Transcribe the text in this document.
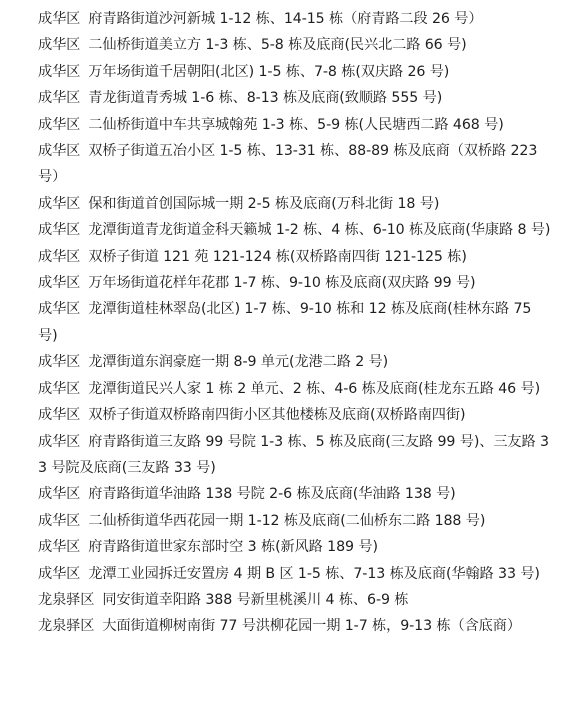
成华区 府青路街道沙河新城 1-12 栋、14-15 栋（府青路二段 26 号）
成华区 二仙桥街道美立方 1-3 栋、5-8 栋及底商(民兴北二路 66 号)
成华区 万年场街道千居朝阳(北区) 1-5 栋、7-8 栋(双庆路 26 号)
成华区 青龙街道青秀城 1-6 栋、8-13 栋及底商(致顺路 555 号)
成华区 二仙桥街道中车共享城翰苑 1-3 栋、5-9 栋(人民塘西二路 468 号)
成华区 双桥子街道五冶小区 1-5 栋、13-31 栋、88-89 栋及底商（双桥路 223 号）
成华区 保和街道首创国际城一期 2-5 栋及底商(万科北街 18 号)
成华区 龙潭街道青龙街道金科天籁城 1-2 栋、4 栋、6-10 栋及底商(华康路 8 号)
成华区 双桥子街道 121 苑 121-124 栋(双桥路南四街 121-125 栋)
成华区 万年场街道花样年花郡 1-7 栋、9-10 栋及底商(双庆路 99 号)
成华区 龙潭街道桂林翠岛(北区) 1-7 栋、9-10 栋和 12 栋及底商(桂林东路 75 号)
成华区 龙潭街道东润豪庭一期 8-9 单元(龙港二路 2 号)
成华区 龙潭街道民兴人家 1 栋 2 单元、2 栋、4-6 栋及底商(桂龙东五路 46 号)
成华区 双桥子街道双桥路南四街小区其他楼栋及底商(双桥路南四街)
成华区 府青路街道三友路 99 号院 1-3 栋、5 栋及底商(三友路 99 号)、三友路 33 号院及底商(三友路 33 号)
成华区 府青路街道华油路 138 号院 2-6 栋及底商(华油路 138 号)
成华区 二仙桥街道华西花园一期 1-12 栋及底商(二仙桥东二路 188 号)
成华区 府青路街道世家东部时空 3 栋(新风路 189 号)
成华区 龙潭工业园拆迁安置房 4 期 B 区 1-5 栋、7-13 栋及底商(华翰路 33 号)
龙泉驿区 同安街道幸阳路 388 号新里桃溪川 4 栋、6-9 栋
龙泉驿区 大面街道柳树南街 77 号洪柳花园一期 1-7 栋，9-13 栋（含底商）
